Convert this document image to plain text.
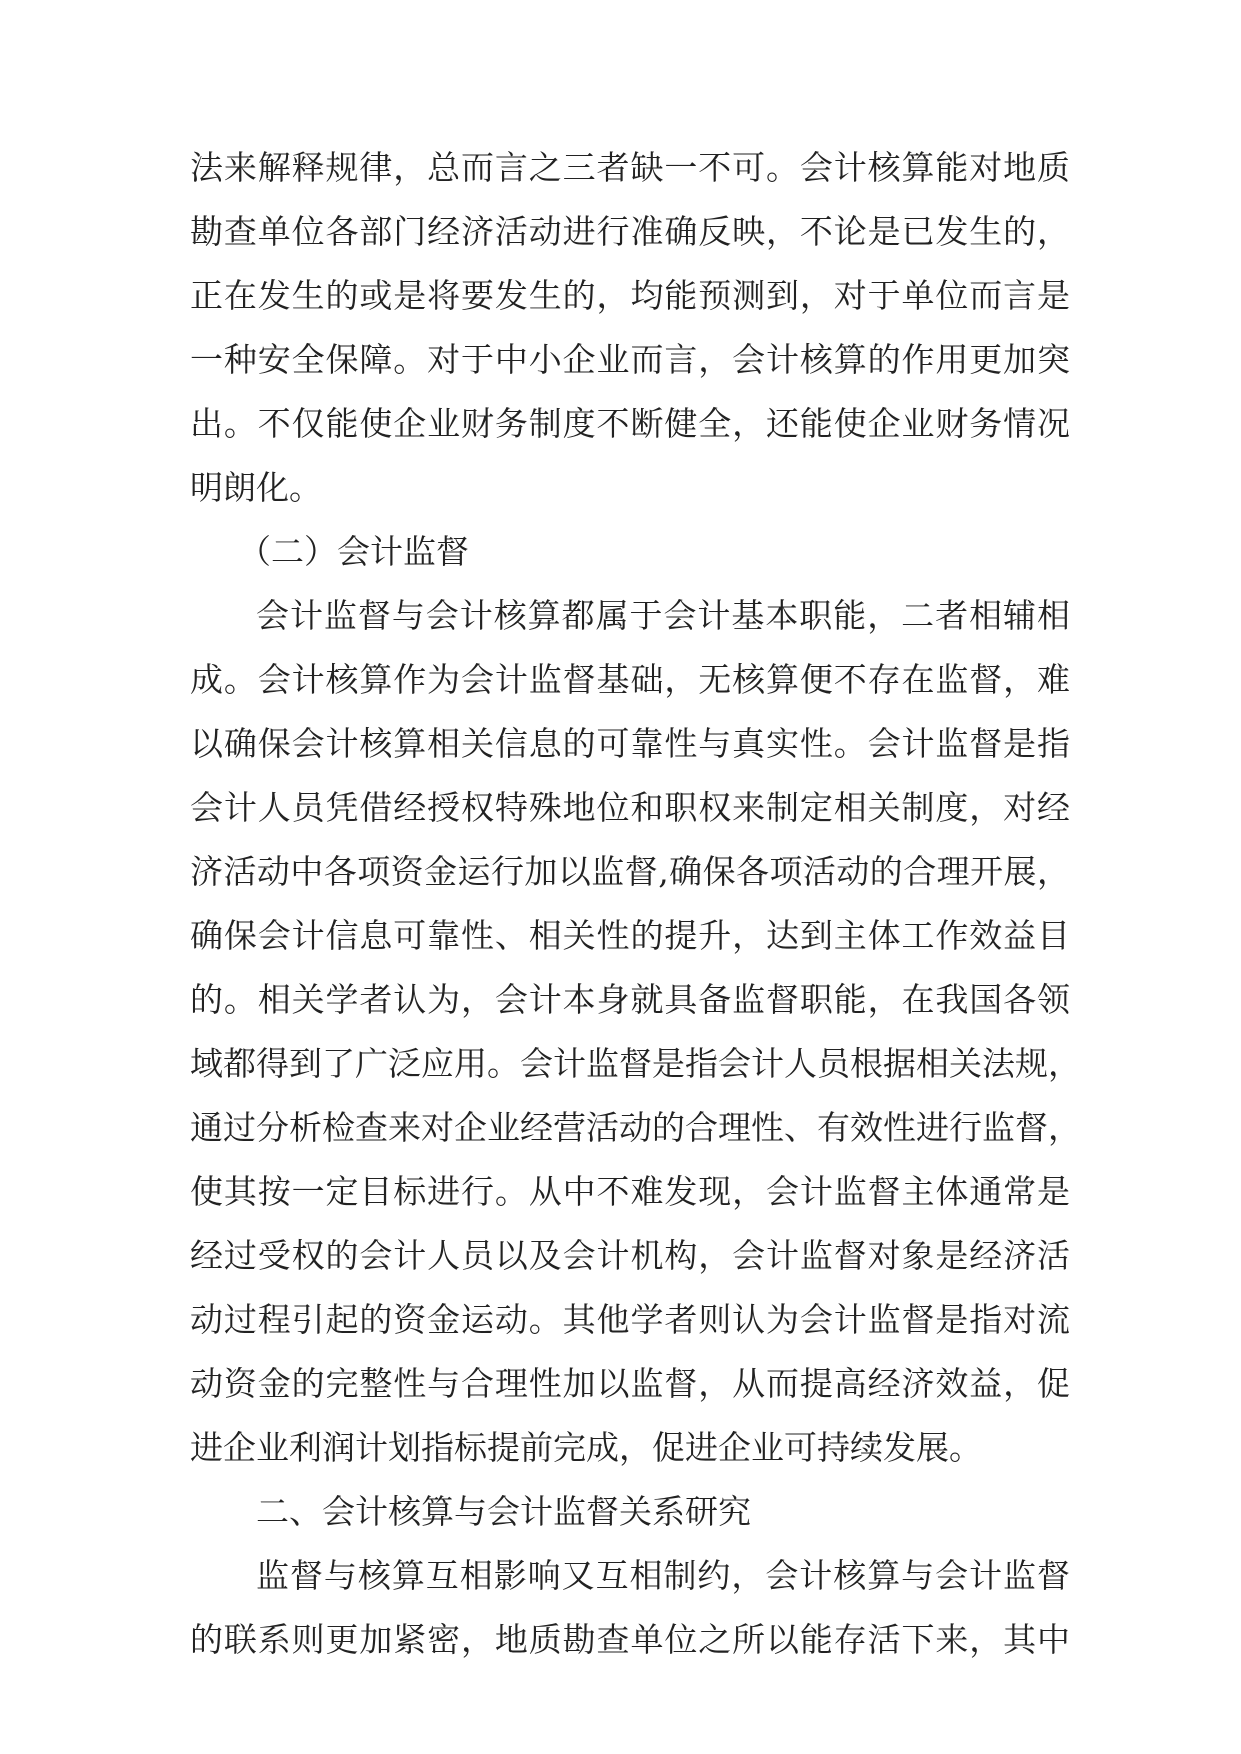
法来解释规律，总而言之三者缺一不可。会计核算能对地质
勘查单位各部门经济活动进行准确反映，不论是已发生的，
正在发生的或是将要发生的，均能预测到，对于单位而言是
一种安全保障。对于中小企业而言，会计核算的作用更加突
出。不仅能使企业财务制度不断健全，还能使企业财务情况
明朗化。
（二）会计监督
会计监督与会计核算都属于会计基本职能，二者相辅相
成。会计核算作为会计监督基础，无核算便不存在监督，难
以确保会计核算相关信息的可靠性与真实性。会计监督是指
会计人员凭借经授权特殊地位和职权来制定相关制度，对经
济活动中各项资金运行加以监督,确保各项活动的合理开展，
确保会计信息可靠性、相关性的提升，达到主体工作效益目
的。相关学者认为，会计本身就具备监督职能，在我国各领
域都得到了广泛应用。会计监督是指会计人员根据相关法规，
通过分析检查来对企业经营活动的合理性、有效性进行监督，
使其按一定目标进行。从中不难发现，会计监督主体通常是
经过受权的会计人员以及会计机构，会计监督对象是经济活
动过程引起的资金运动。其他学者则认为会计监督是指对流
动资金的完整性与合理性加以监督，从而提高经济效益，促
进企业利润计划指标提前完成，促进企业可持续发展。
二、会计核算与会计监督关系研究
监督与核算互相影响又互相制约，会计核算与会计监督
的联系则更加紧密，地质勘查单位之所以能存活下来，其中
